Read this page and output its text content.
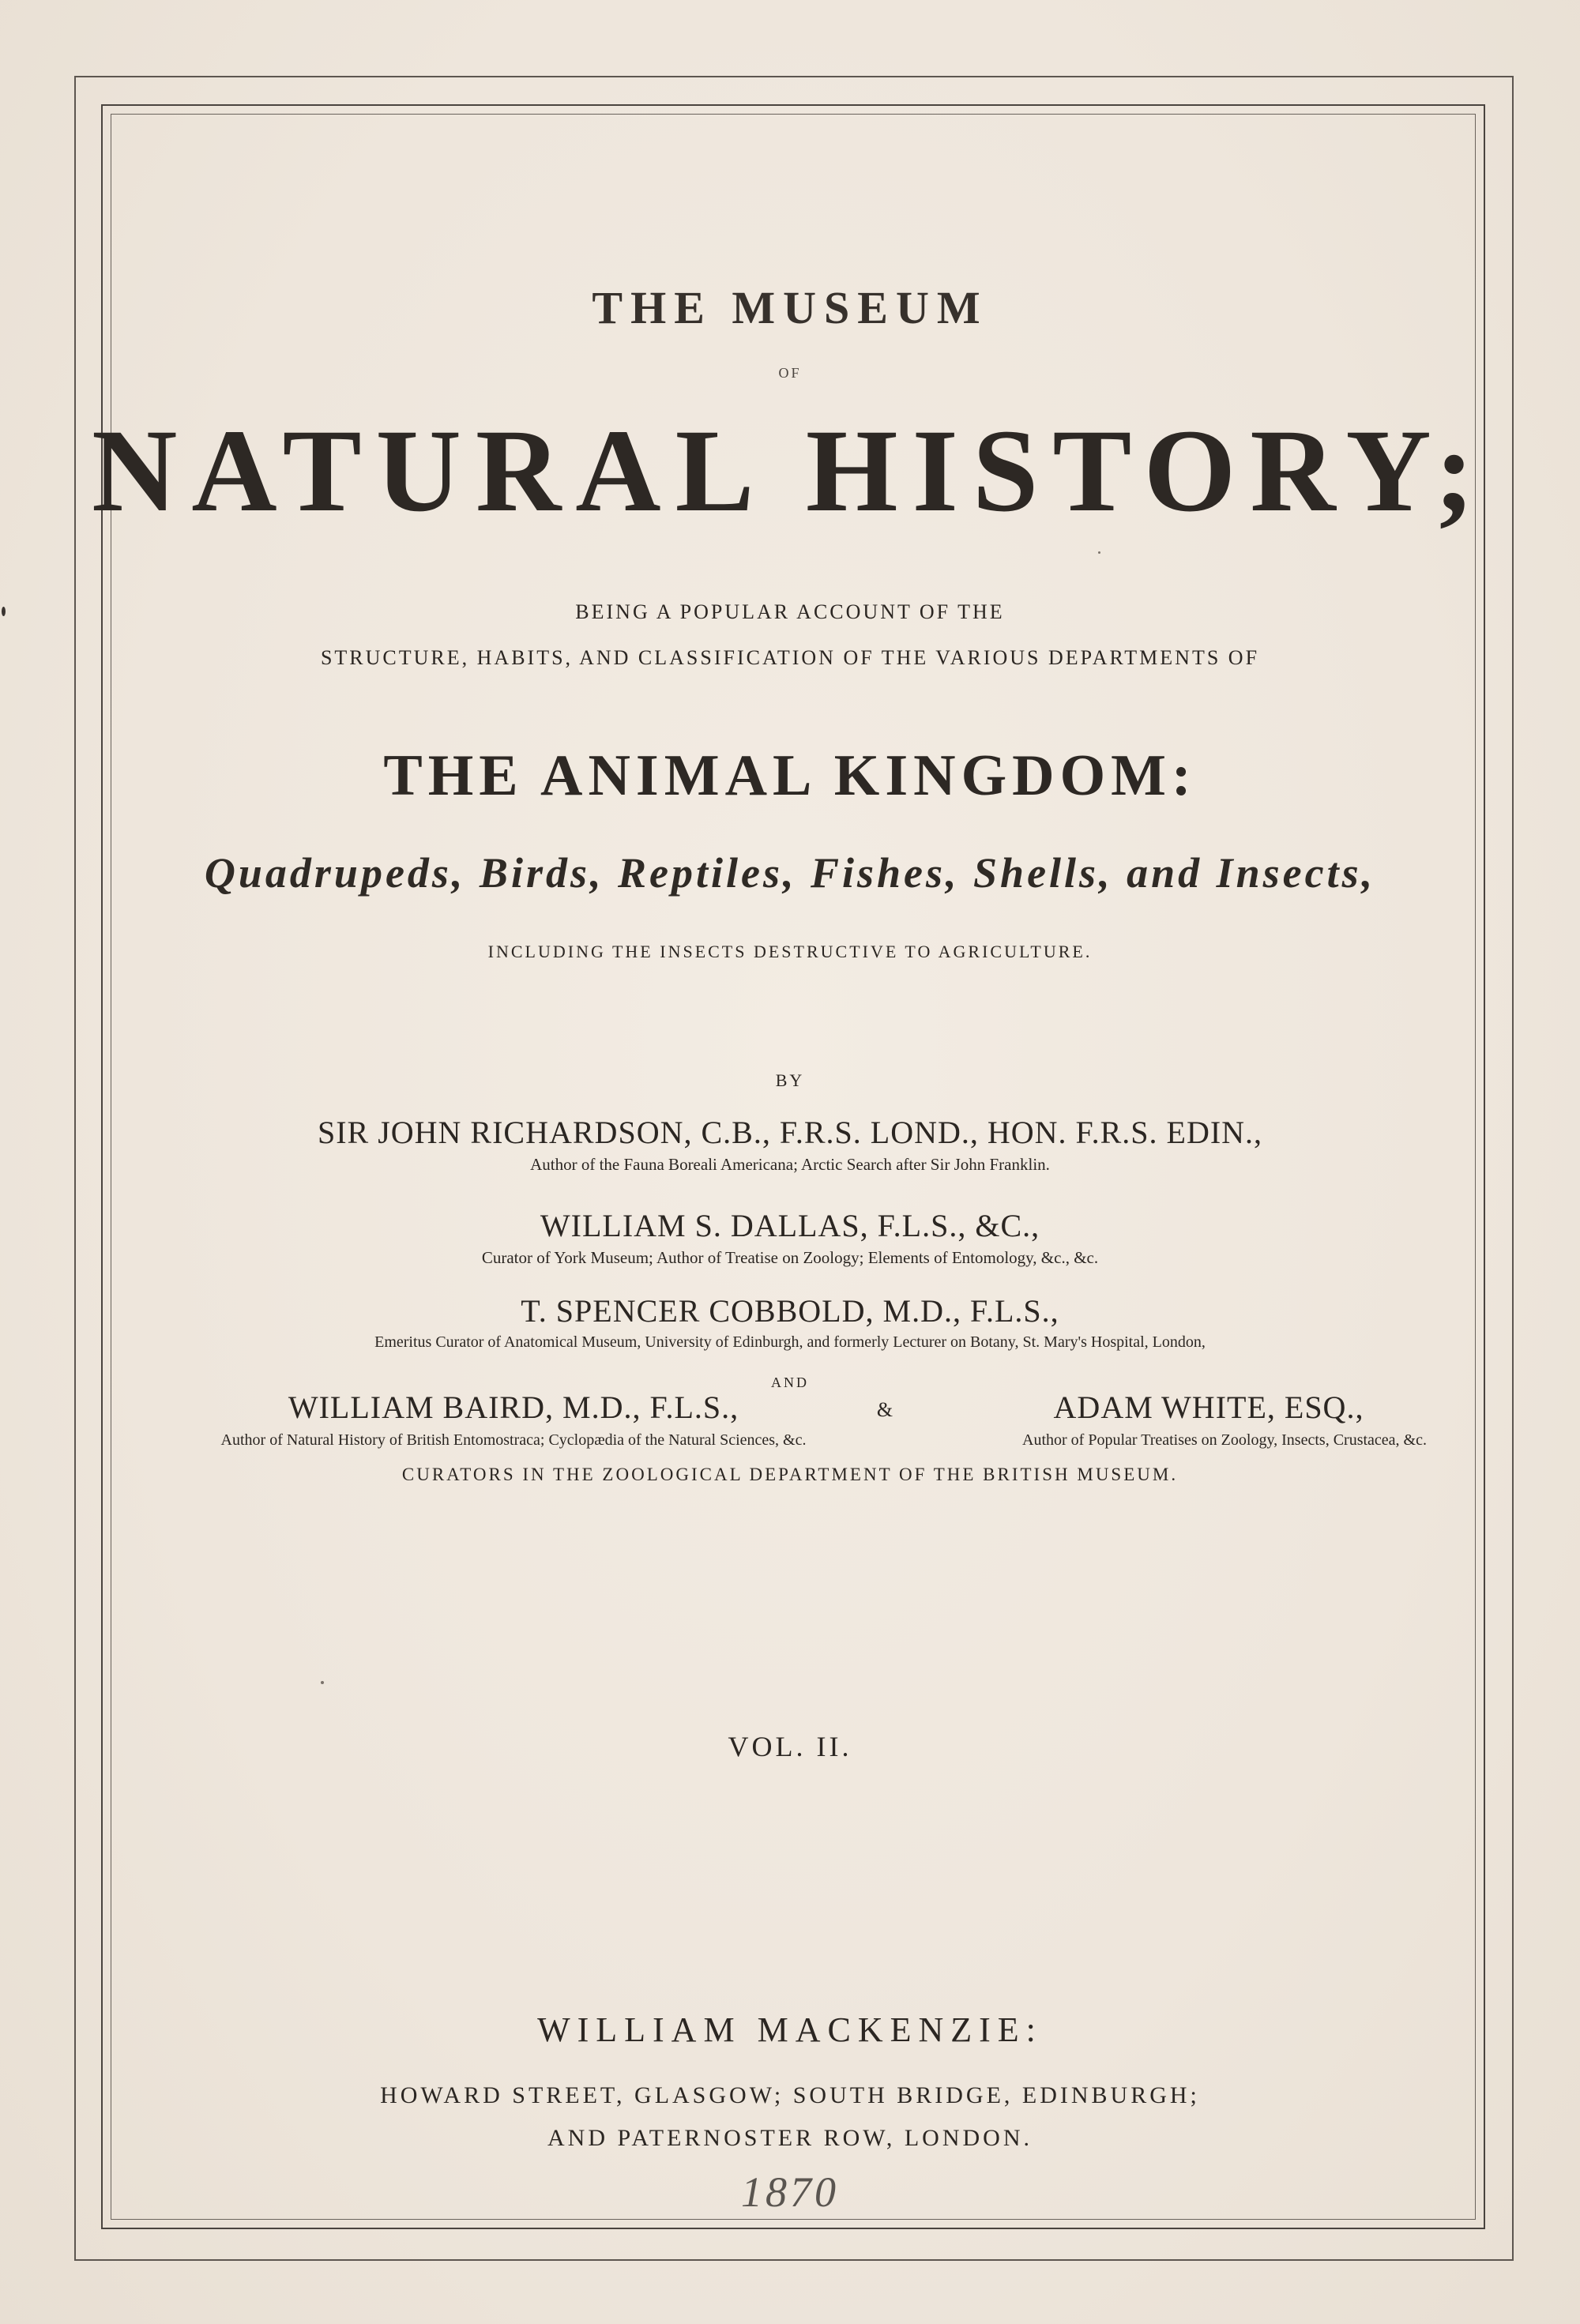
THE MUSEUM
OF
NATURAL HISTORY;
BEING A POPULAR ACCOUNT OF THE
STRUCTURE, HABITS, AND CLASSIFICATION OF THE VARIOUS DEPARTMENTS OF
THE ANIMAL KINGDOM:
Quadrupeds, Birds, Reptiles, Fishes, Shells, and Insects,
INCLUDING THE INSECTS DESTRUCTIVE TO AGRICULTURE.
BY
SIR JOHN RICHARDSON, C.B., F.R.S. LOND., HON. F.R.S. EDIN.,
Author of the Fauna Boreali Americana; Arctic Search after Sir John Franklin.
WILLIAM S. DALLAS, F.L.S., &C.,
Curator of York Museum; Author of Treatise on Zoology; Elements of Entomology, &c., &c.
T. SPENCER COBBOLD, M.D., F.L.S.,
Emeritus Curator of Anatomical Museum, University of Edinburgh, and formerly Lecturer on Botany, St. Mary's Hospital, London,
AND
WILLIAM BAIRD, M.D., F.L.S.,	&	ADAM WHITE, ESQ.,
Author of Natural History of British Entomostraca; Cyclopædia of the Natural Sciences, &c.	Author of Popular Treatises on Zoology, Insects, Crustacea, &c.
CURATORS IN THE ZOOLOGICAL DEPARTMENT OF THE BRITISH MUSEUM.
VOL. II.
WILLIAM MACKENZIE:
HOWARD STREET, GLASGOW; SOUTH BRIDGE, EDINBURGH;
AND PATERNOSTER ROW, LONDON.
1870
